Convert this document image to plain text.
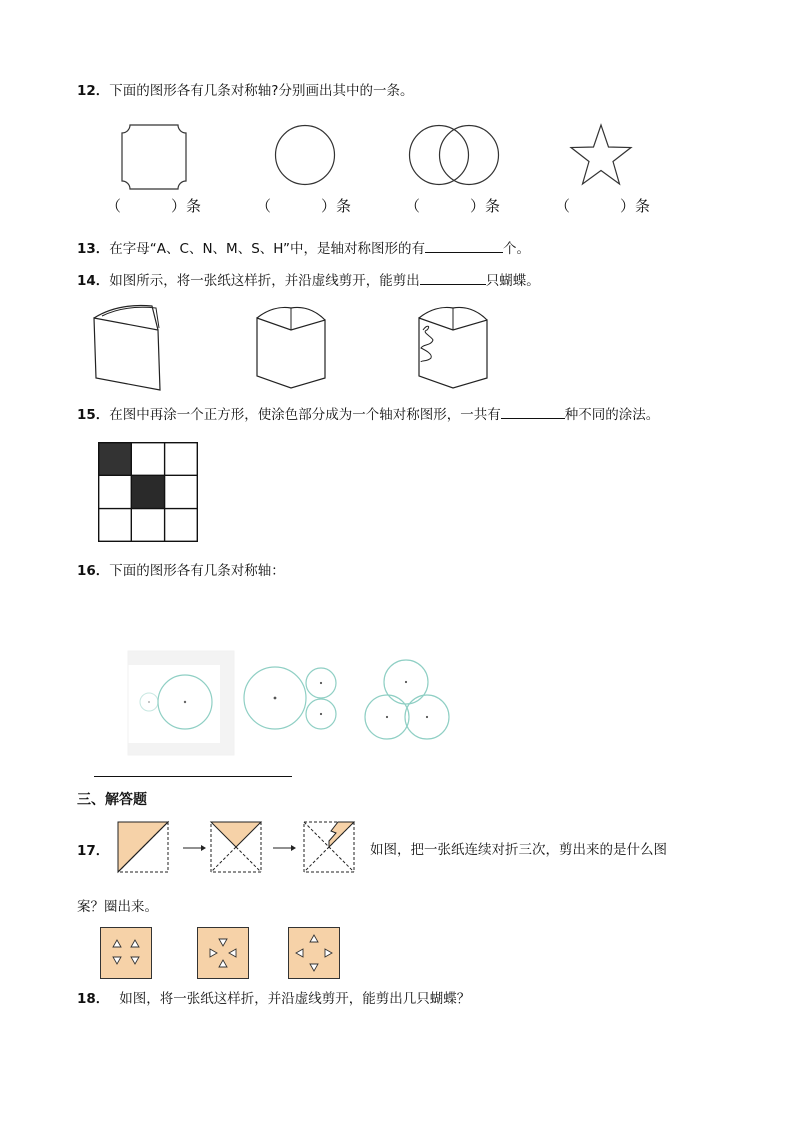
12．下面的图形各有几条对称轴?分别画出其中的一条。
（	）条	（	）条	（	）条	（	）条
13．在字母“A、C、N、M、S、H”中，是轴对称图形的有	个。
14．如图所示，将一张纸这样折，并沿虚线剪开，能剪出	只蝴蝶。
15．在图中再涂一个正方形，使涂色部分成为一个轴对称图形，一共有	种不同的涂法。
16．下面的图形各有几条对称轴：
三、解答题
17．	如图，把一张纸连续对折三次，剪出来的是什么图
案？圈出来。
18． 如图，将一张纸这样折，并沿虚线剪开，能剪出几只蝴蝶？
